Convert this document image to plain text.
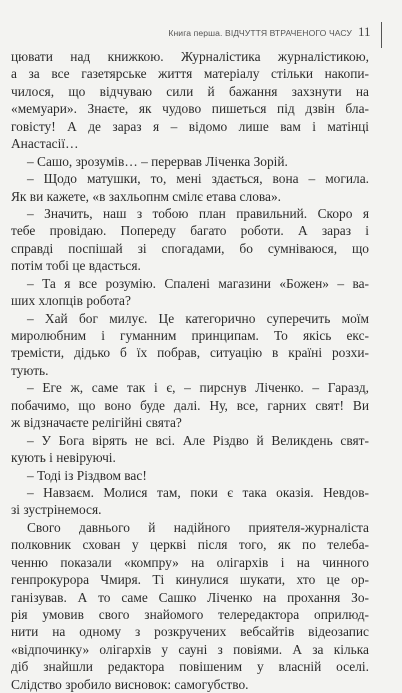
Книга перша. ВІДЧУТТЯ ВТРАЧЕНОГО ЧАСУ 11
цювати над книжкою. Журналістика журналістикою,
а за все газетярське життя матеріалу стільки накопи-
чилося, що відчуваю сили й бажання захзнути на
«мемуари». Знаєте, як чудово пишеться під дзвін бла-
говісту! А де зараз я – відомо лише вам і матінці
Анастасії…
– Сашо, зрозумів… – перервав Ліченка Зорій.
– Щодо матушки, то, мені здається, вона – могила.
Як ви кажете, «в захльопнм смілє етава слова».
– Значить, наш з тобою план правильний. Скоро я
тебе провідаю. Попереду багато роботи. А зараз і
справді поспішай зі спогадами, бо сумніваюся, що
потім тобі це вдасться.
– Та я все розумію. Спалені магазини «Божен» – ва-
ших хлопців робота?
– Хай бог милує. Це категорично суперечить моїм
миролюбним і гуманним принципам. То якісь екс-
тремісти, дідько б їх побрав, ситуацію в країні розхи-
тують.
– Еге ж, саме так і є, – пирснув Ліченко. – Гаразд,
побачимо, що воно буде далі. Ну, все, гарних свят! Ви
ж відзначаєте релігійні свята?
– У Бога вірять не всі. Але Різдво й Великдень свят-
кують і невіруючі.
– Тоді із Різдвом вас!
– Навзаєм. Молися там, поки є така оказія. Невдов-
зі зустрінемося.
Свого давнього й надійного приятеля-журналіста
полковник схован у церкві після того, як по телеба-
ченню показали «компру» на олігархів і на чинного
генпрокурора Чмиря. Ті кинулися шукати, хто це ор-
ганізував. А то саме Сашко Ліченко на прохання Зо-
рія умовив свого знайомого телередактора оприлюд-
нити на одному з розкручених вебсайтів відеозапис
«відпочинку» олігархів у сауні з повіями. А за кілька
діб знайшли редактора повішеним у власній оселі.
Слідство зробило висновок: самогубство.
